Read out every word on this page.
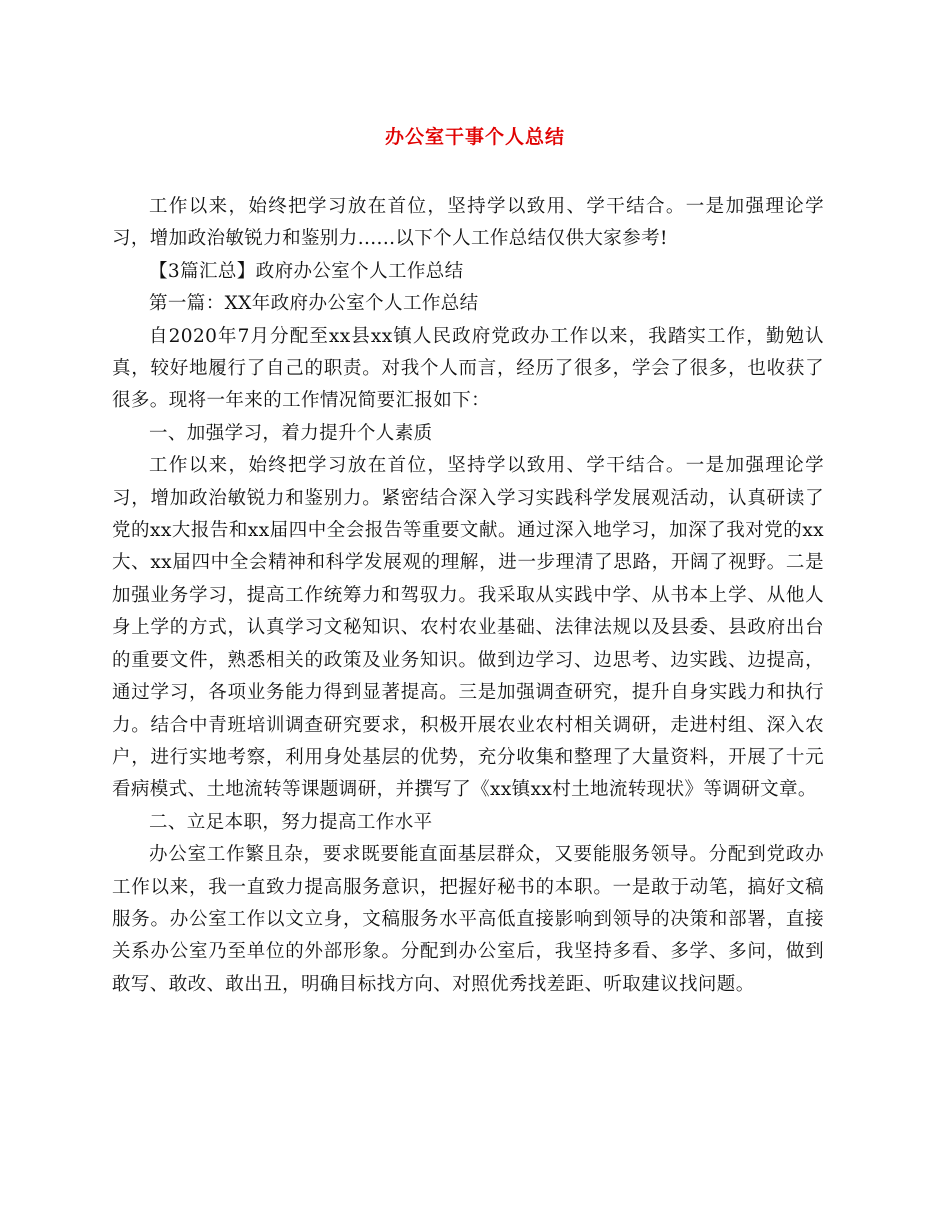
办公室干事个人总结

工作以来，始终把学习放在首位，坚持学以致用、学干结合。一是加强理论学习，增加政治敏锐力和鉴别力......以下个人工作总结仅供大家参考!

【3篇汇总】政府办公室个人工作总结

第一篇：XX年政府办公室个人工作总结

自2020年7月分配至xx县xx镇人民政府党政办工作以来，我踏实工作，勤勉认真，较好地履行了自己的职责。对我个人而言，经历了很多，学会了很多，也收获了很多。现将一年来的工作情况简要汇报如下：

一、加强学习，着力提升个人素质

工作以来，始终把学习放在首位，坚持学以致用、学干结合。一是加强理论学习，增加政治敏锐力和鉴别力。紧密结合深入学习实践科学发展观活动，认真研读了党的xx大报告和xx届四中全会报告等重要文献。通过深入地学习，加深了我对党的xx大、xx届四中全会精神和科学发展观的理解，进一步理清了思路，开阔了视野。二是加强业务学习，提高工作统筹力和驾驭力。我采取从实践中学、从书本上学、从他人身上学的方式，认真学习文秘知识、农村农业基础、法律法规以及县委、县政府出台的重要文件，熟悉相关的政策及业务知识。做到边学习、边思考、边实践、边提高，通过学习，各项业务能力得到显著提高。三是加强调查研究，提升自身实践力和执行力。结合中青班培训调查研究要求，积极开展农业农村相关调研，走进村组、深入农户，进行实地考察，利用身处基层的优势，充分收集和整理了大量资料，开展了十元看病模式、土地流转等课题调研，并撰写了《xx镇xx村土地流转现状》等调研文章。

二、立足本职，努力提高工作水平

办公室工作繁且杂，要求既要能直面基层群众，又要能服务领导。分配到党政办工作以来，我一直致力提高服务意识，把握好秘书的本职。一是敢于动笔，搞好文稿服务。办公室工作以文立身，文稿服务水平高低直接影响到领导的决策和部署，直接关系办公室乃至单位的外部形象。分配到办公室后，我坚持多看、多学、多问，做到敢写、敢改、敢出丑，明确目标找方向、对照优秀找差距、听取建议找问题。
